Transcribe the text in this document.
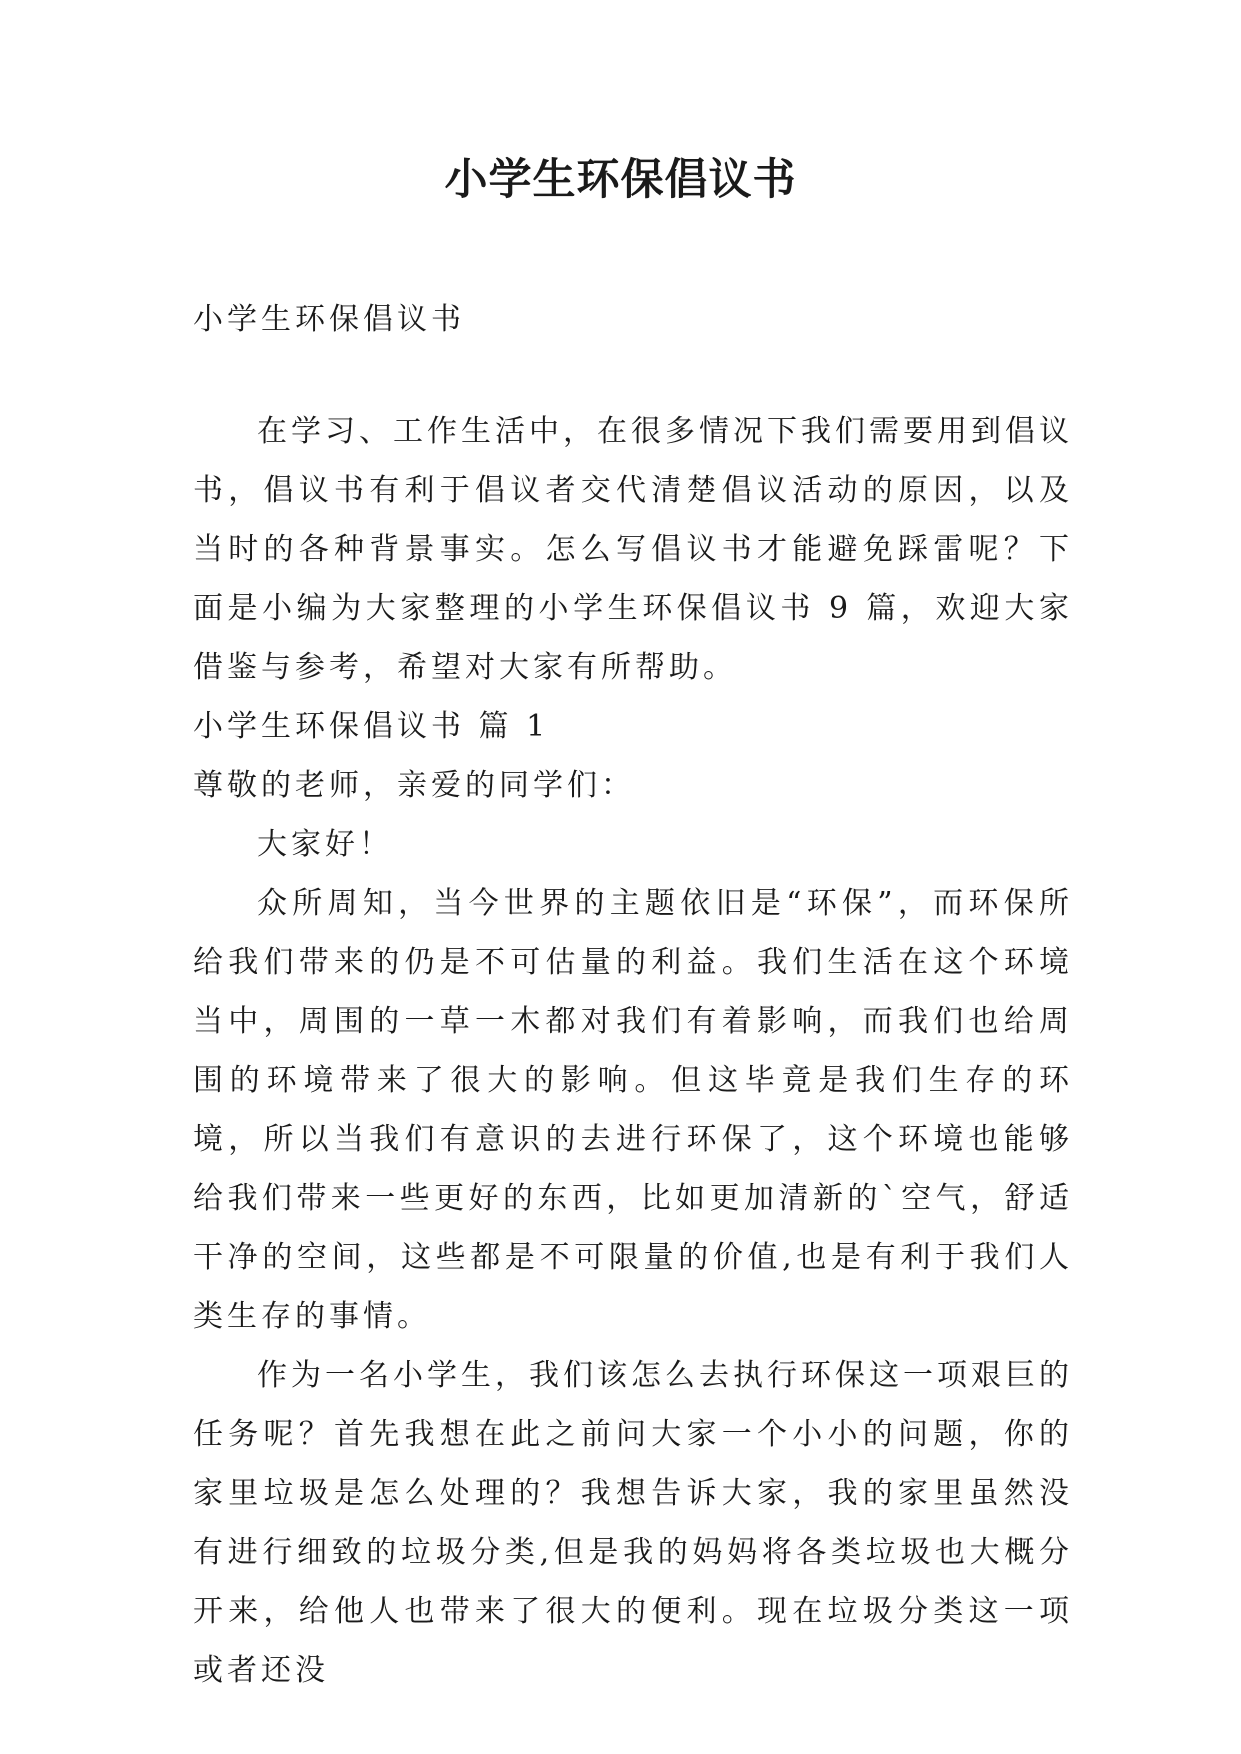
小学生环保倡议书

小学生环保倡议书

在学习、工作生活中，在很多情况下我们需要用到倡议书，倡议书有利于倡议者交代清楚倡议活动的原因，以及当时的各种背景事实。怎么写倡议书才能避免踩雷呢？下面是小编为大家整理的小学生环保倡议书 9 篇，欢迎大家借鉴与参考，希望对大家有所帮助。

小学生环保倡议书 篇 1

尊敬的老师，亲爱的同学们：

大家好！

众所周知，当今世界的主题依旧是“环保”，而环保所给我们带来的仍是不可估量的利益。我们生活在这个环境当中，周围的一草一木都对我们有着影响，而我们也给周围的环境带来了很大的影响。但这毕竟是我们生存的环境，所以当我们有意识的去进行环保了，这个环境也能够给我们带来一些更好的东西，比如更加清新的`空气，舒适干净的空间，这些都是不可限量的价值,也是有利于我们人类生存的事情。

作为一名小学生，我们该怎么去执行环保这一项艰巨的任务呢？首先我想在此之前问大家一个小小的问题，你的家里垃圾是怎么处理的？我想告诉大家，我的家里虽然没有进行细致的垃圾分类,但是我的妈妈将各类垃圾也大概分开来，给他人也带来了很大的便利。现在垃圾分类这一项或者还没
